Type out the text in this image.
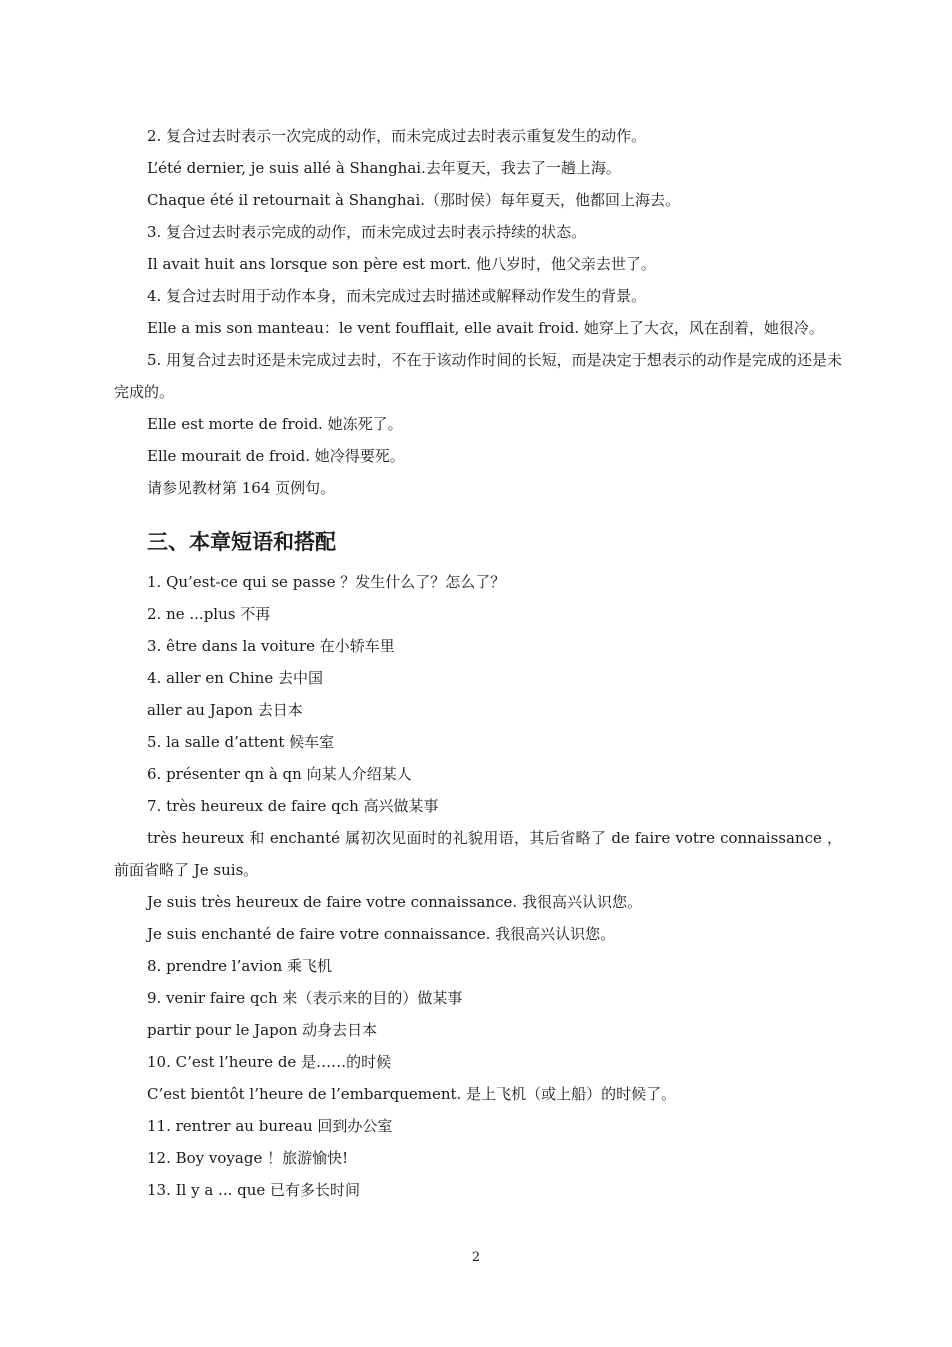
2. 复合过去时表示一次完成的动作，而未完成过去时表示重复发生的动作。
L’été dernier, je suis allé à Shanghai.去年夏天，我去了一趟上海。
Chaque été il retournait à Shanghai.（那时侯）每年夏天，他都回上海去。
3. 复合过去时表示完成的动作，而未完成过去时表示持续的状态。
Il avait huit ans lorsque son père est mort. 他八岁时，他父亲去世了。
4. 复合过去时用于动作本身，而未完成过去时描述或解释动作发生的背景。
Elle a mis son manteau：le vent foufflait, elle avait froid. 她穿上了大衣，风在刮着，她很冷。
5. 用复合过去时还是未完成过去时，不在于该动作时间的长短，而是决定于想表示的动作是完成的还是未完成的。
Elle est morte de froid. 她冻死了。
Elle mourait de froid. 她冷得要死。
请参见教材第 164 页例句。
三、本章短语和搭配
1. Qu’est-ce qui se passe ？发生什么了？怎么了？
2. ne ...plus 不再
3. être dans la voiture 在小轿车里
4. aller en Chine 去中国
aller au Japon 去日本
5. la salle d’attent 候车室
6. présenter qn à qn 向某人介绍某人
7. très heureux de faire qch 高兴做某事
très heureux 和 enchanté 属初次见面时的礼貌用语，其后省略了 de faire votre connaissance ，前面省略了 Je suis。
Je suis très heureux de faire votre connaissance. 我很高兴认识您。
Je suis enchanté de faire votre connaissance. 我很高兴认识您。
8. prendre l’avion 乘飞机
9. venir faire qch 来（表示来的目的）做某事
partir pour le Japon 动身去日本
10. C’est l’heure de 是……的时候
C’est bientôt l’heure de l’embarquement. 是上飞机（或上船）的时候了。
11. rentrer au bureau 回到办公室
12. Boy voyage ！旅游愉快!
13. Il y a ... que 已有多长时间
2
